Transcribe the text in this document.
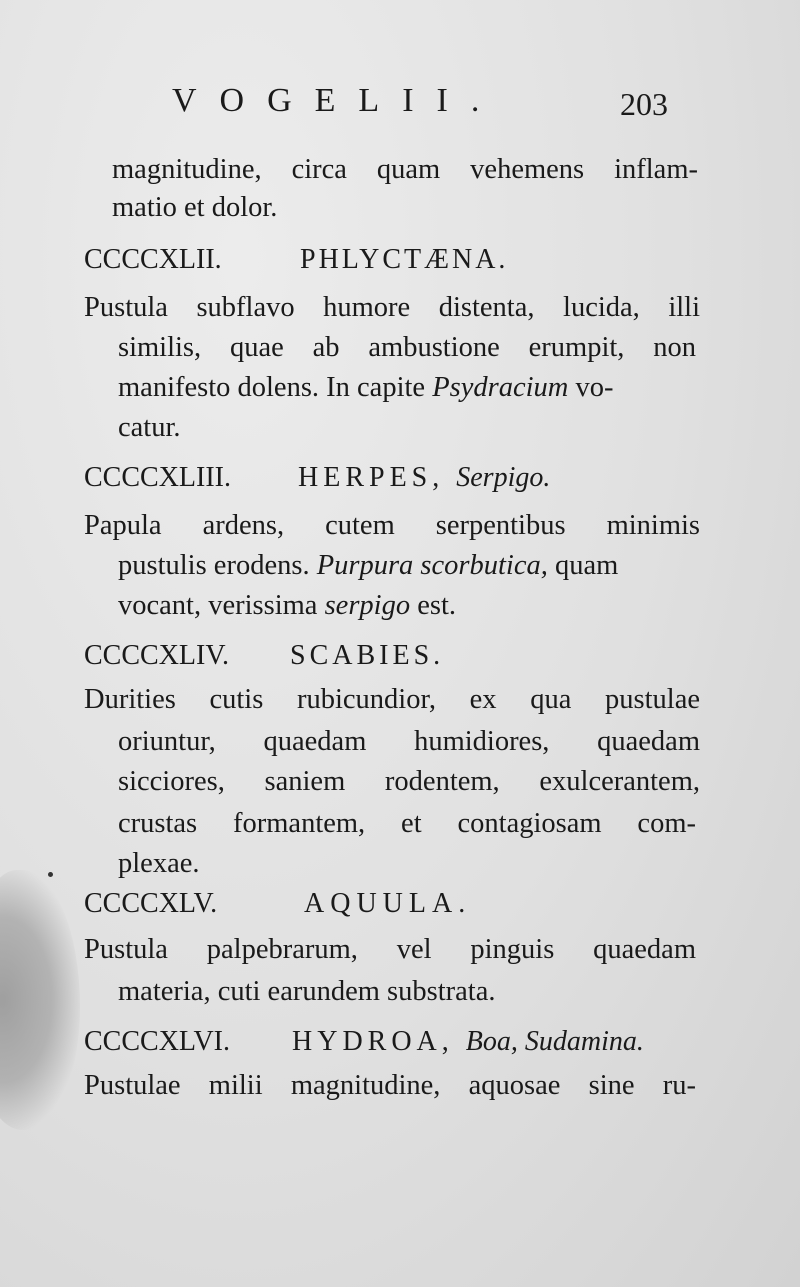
VOGELII.	203
magnitudine, circa quam vehemens inflam-
matio et dolor.
CCCCXLII.	PHLYCTÆNA.
Pustula subflavo humore distenta, lucida, illi
similis, quae ab ambustione erumpit, non
manifesto dolens. In capite Psydracium vo-
catur.
CCCCXLIII. HERPES, Serpigo.
Papula ardens, cutem serpentibus minimis
pustulis erodens. Purpura scorbutica, quam
vocant, verissima serpigo est.
CCCCXLIV. SCABIES.
Durities cutis rubicundior, ex qua pustulae
oriuntur, quaedam humidiores, quaedam
sicciores, saniem rodentem, exulcerantem,
crustas formantem, et contagiosam com-
plexae.
CCCCXLV.	AQUULA.
Pustula palpebrarum, vel pinguis quaedam
materia, cuti earundem substrata.
CCCCXLVI. HYDROA, Boa, Sudamina.
Pustulae milii magnitudine, aquosae sine ru-
